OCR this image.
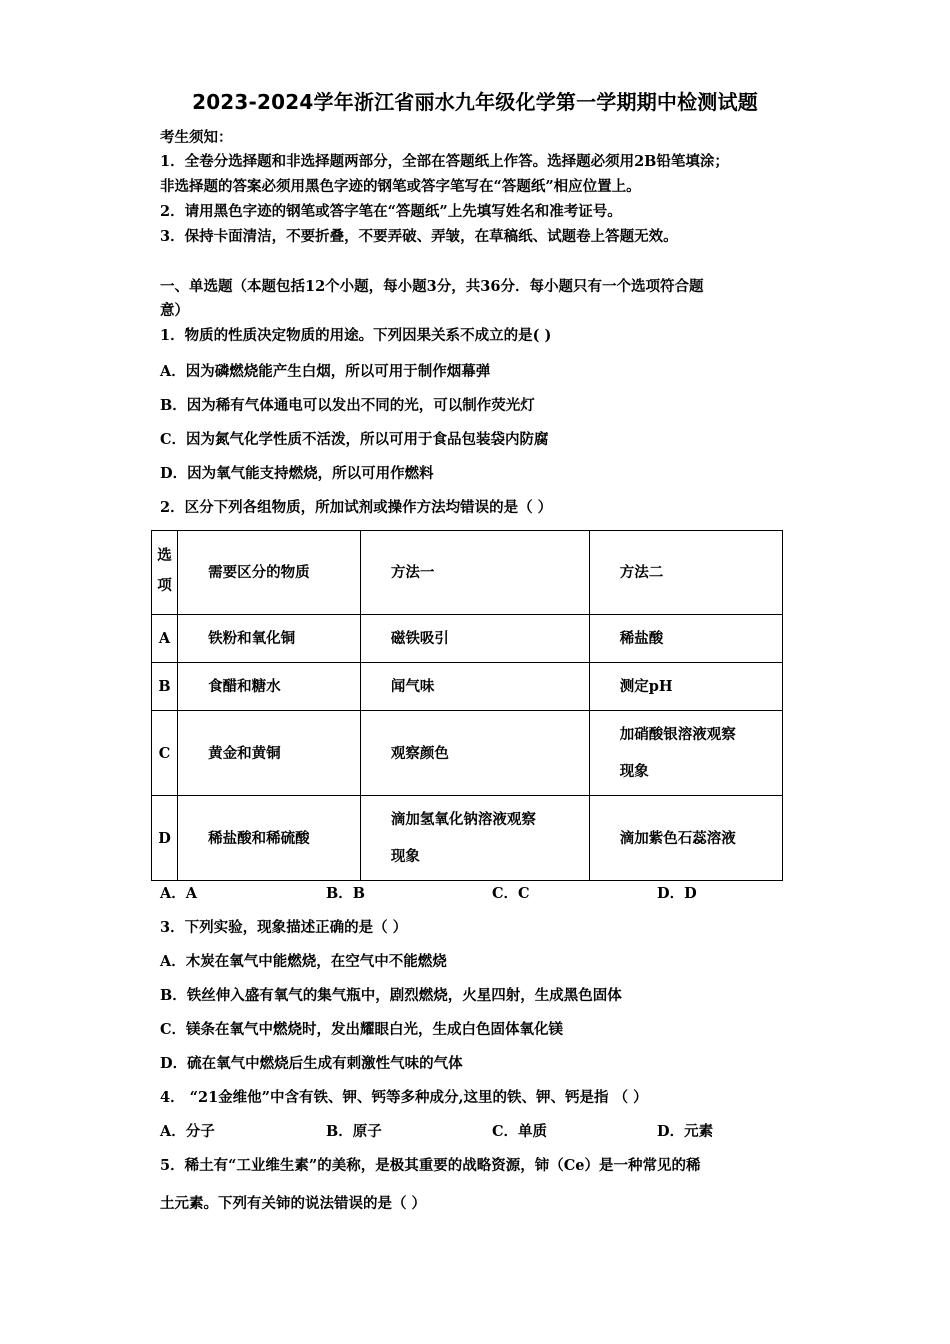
2023-2024学年浙江省丽水九年级化学第一学期期中检测试题
考生须知：
1．全卷分选择题和非选择题两部分，全部在答题纸上作答。选择题必须用2B铅笔填涂；
非选择题的答案必须用黑色字迹的钢笔或答字笔写在“答题纸”相应位置上。
2．请用黑色字迹的钢笔或答字笔在“答题纸”上先填写姓名和准考证号。
3．保持卡面清洁，不要折叠，不要弄破、弄皱，在草稿纸、试题卷上答题无效。
一、单选题（本题包括12个小题，每小题3分，共36分．每小题只有一个选项符合题
意）
1．物质的性质决定物质的用途。下列因果关系不成立的是( )
A．因为磷燃烧能产生白烟，所以可用于制作烟幕弹
B．因为稀有气体通电可以发出不同的光，可以制作荧光灯
C．因为氮气化学性质不活泼，所以可用于食品包装袋内防腐
D．因为氧气能支持燃烧，所以可用作燃料
2．区分下列各组物质，所加试剂或操作方法均错误的是（ ）
选
项	需要区分的物质	方法一	方法二
A	铁粉和氧化铜	磁铁吸引	稀盐酸
B	食醋和糖水	闻气味	测定pH
C	黄金和黄铜	观察颜色	加硝酸银溶液观察
现象
D	稀盐酸和稀硫酸	滴加氢氧化钠溶液观察
现象	滴加紫色石蕊溶液
A．A	B．B	C．C	D．D
3．下列实验，现象描述正确的是（ ）
A．木炭在氧气中能燃烧，在空气中不能燃烧
B．铁丝伸入盛有氧气的集气瓶中，剧烈燃烧，火星四射，生成黑色固体
C．镁条在氧气中燃烧时，发出耀眼白光，生成白色固体氧化镁
D．硫在氧气中燃烧后生成有刺激性气味的气体
4． “21金维他”中含有铁、钾、钙等多种成分,这里的铁、钾、钙是指 （ ）
A．分子	B．原子	C．单质	D．元素
5．稀土有“工业维生素”的美称，是极其重要的战略资源，铈（Ce）是一种常见的稀
土元素。下列有关铈的说法错误的是（ ）
